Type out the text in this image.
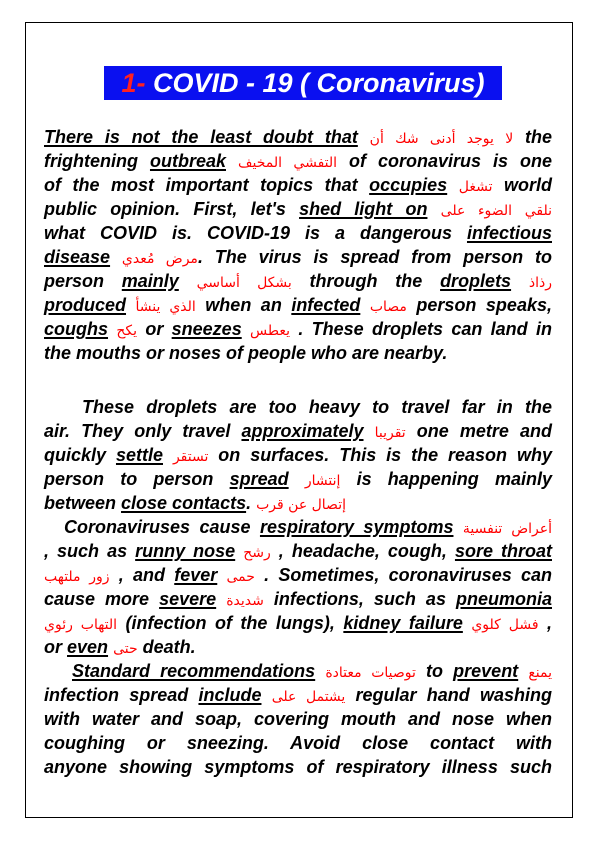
1- COVID - 19 ( Coronavirus)
There is not the least doubt that لا يوجد أدنى شك أن the
frightening outbreak التفشي المخيف of coronavirus is one
of the most important topics that occupies تشغل world
public opinion. First, let's shed light on نلقي الضوء على
what COVID is. COVID-19 is a dangerous infectious
disease مرض مُعدي. The virus is spread from person to
person mainly بشكل أساسي through the droplets رذاذ
produced الذي ينشأ when an infected مصاب person speaks,
coughs يكح or sneezes يعطس . These droplets can land in
the mouths or noses of people who are nearby.
These droplets are too heavy to travel far in the
air. They only travel approximately تقريبا one metre and
quickly settle تستقر on surfaces. This is the reason why
person to person spread إنتشار is happening mainly
between close contacts. إتصال عن قرب
Coronaviruses cause respiratory symptoms أعراض تنفسية
, such as runny nose رشح , headache, cough, sore throat
زور ملتهب , and fever حمى . Sometimes, coronaviruses can
cause more severe شديدة infections, such as pneumonia
التهاب رئوي (infection of the lungs), kidney failure فشل كلوي ,
or even حتى death.
Standard recommendations توصيات معتادة to prevent يمنع
infection spread include يشتمل على regular hand washing
with water and soap, covering mouth and nose when
coughing or sneezing. Avoid close contact with
anyone showing symptoms of respiratory illness such
